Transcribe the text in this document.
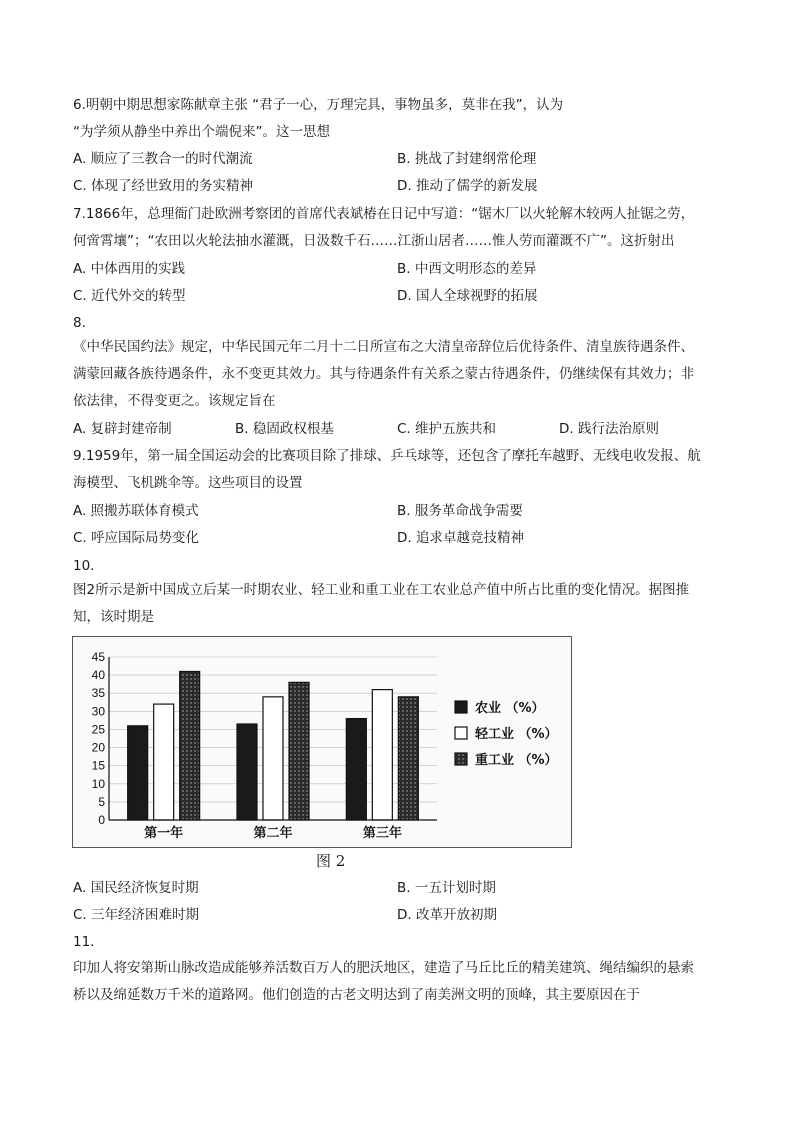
6.明朝中期思想家陈献章主张 “君子一心，万理完具，事物虽多，莫非在我”，认为
“为学须从静坐中养出个端倪来”。这一思想
A. 顺应了三教合一的时代潮流	B. 挑战了封建纲常伦理
C. 体现了经世致用的务实精神	D. 推动了儒学的新发展
7.1866年，总理衙门赴欧洲考察团的首席代表斌椿在日记中写道：“锯木厂以火轮解木较两人扯锯之劳，
何啻霄壤”；“农田以火轮法抽水灌溉，日汲数千石……江浙山居者……惟人劳而灌溉不广”。这折射出
A. 中体西用的实践	B. 中西文明形态的差异
C. 近代外交的转型	D. 国人全球视野的拓展
8.
《中华民国约法》规定，中华民国元年二月十二日所宣布之大清皇帝辞位后优待条件、清皇族待遇条件、
满蒙回藏各族待遇条件，永不变更其效力。其与待遇条件有关系之蒙古待遇条件，仍继续保有其效力；非
依法律，不得变更之。该规定旨在
A. 复辟封建帝制	B. 稳固政权根基	C. 维护五族共和	D. 践行法治原则
9.1959年，第一届全国运动会的比赛项目除了排球、乒乓球等，还包含了摩托车越野、无线电收发报、航
海模型、飞机跳伞等。这些项目的设置
A. 照搬苏联体育模式	B. 服务革命战争需要
C. 呼应国际局势变化	D. 追求卓越竞技精神
10.
图2所示是新中国成立后某一时期农业、轻工业和重工业在工农业总产值中所占比重的变化情况。据图推
知，该时期是
0
5
10
15
20
25
30
35
40
45
第一年	第二年	第三年
农业 （%）
轻工业 （%）
重工业 （%）
图 2
A. 国民经济恢复时期	B. 一五计划时期
C. 三年经济困难时期	D. 改革开放初期
11.
印加人将安第斯山脉改造成能够养活数百万人的肥沃地区，建造了马丘比丘的精美建筑、绳结编织的悬索
桥以及绵延数万千米的道路网。他们创造的古老文明达到了南美洲文明的顶峰，其主要原因在于
